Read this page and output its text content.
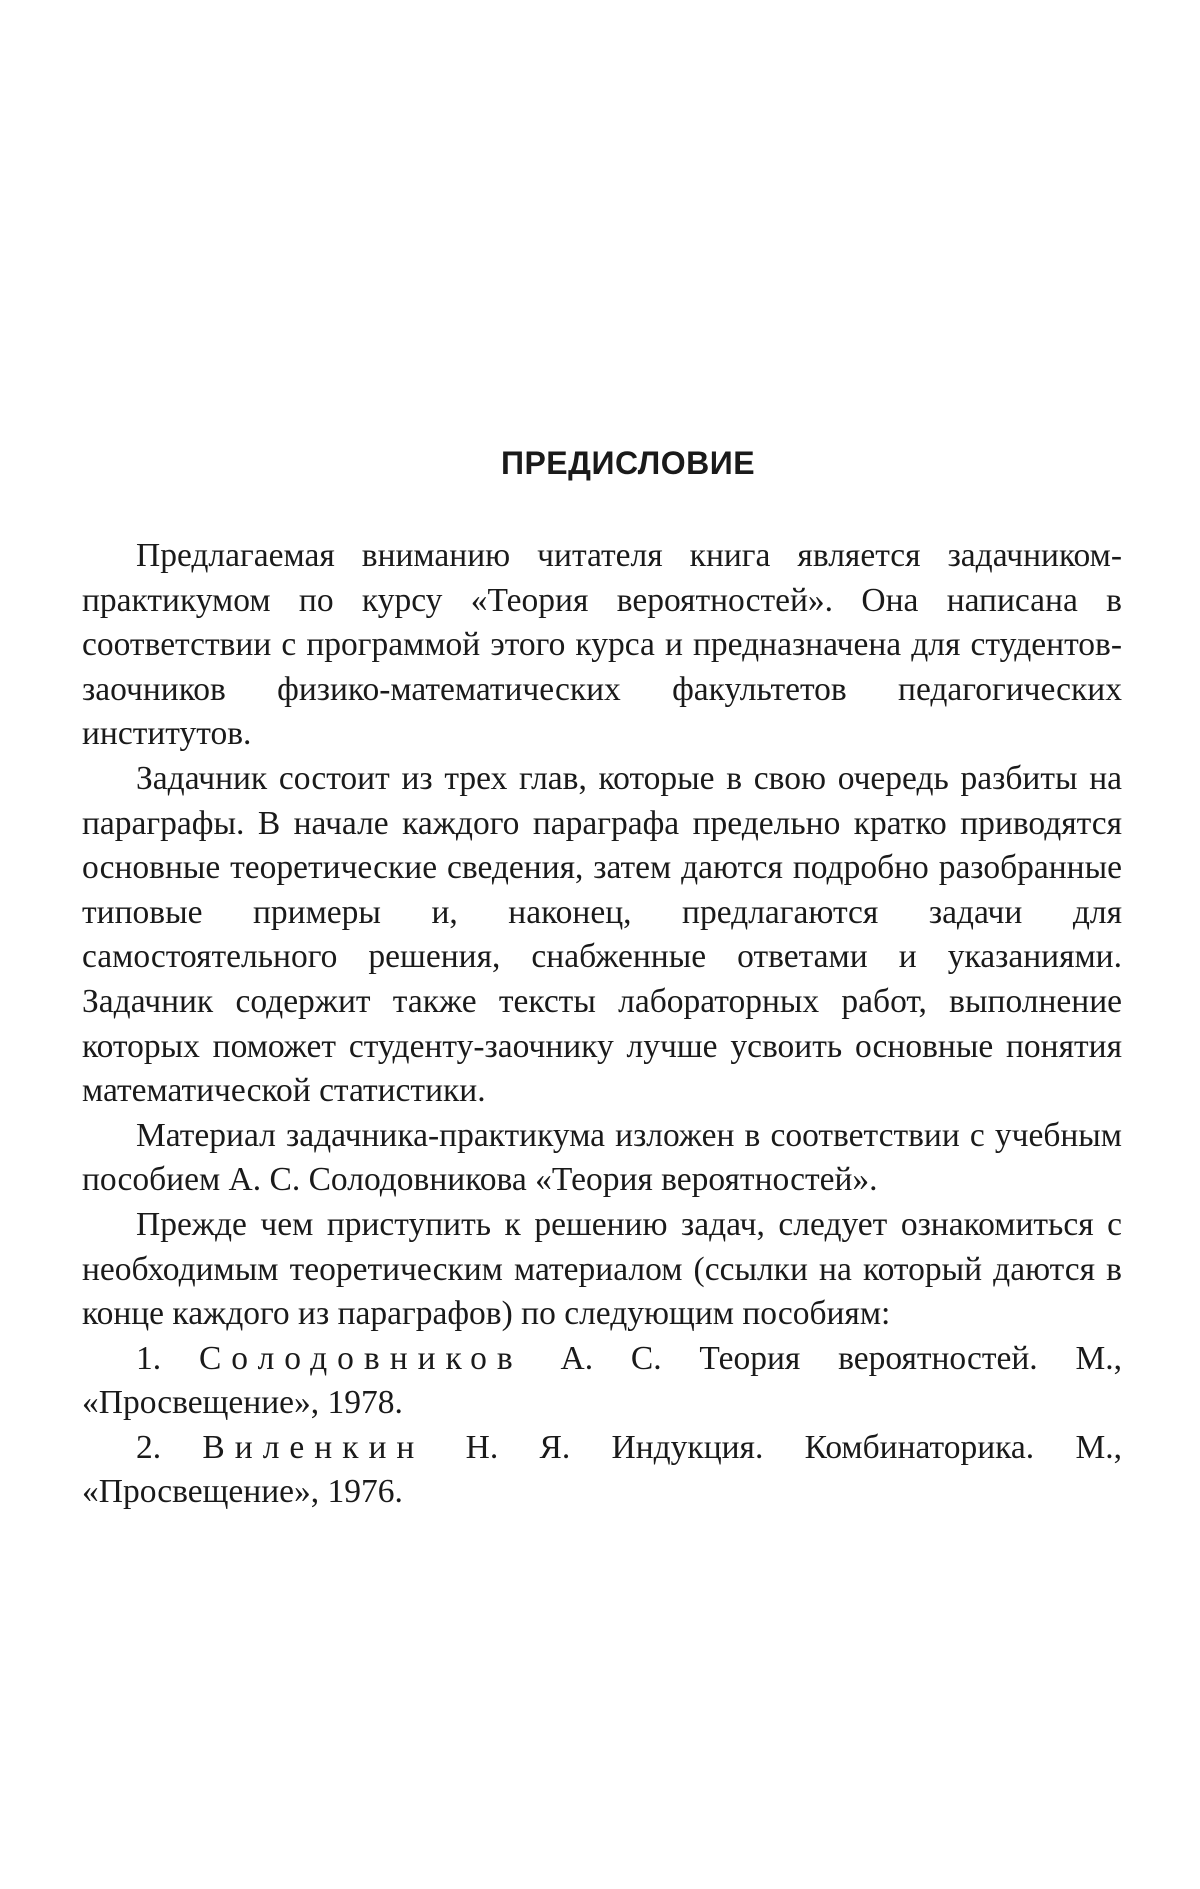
ПРЕДИСЛОВИЕ

Предлагаемая вниманию читателя книга является задачником-практикумом по курсу «Теория вероятностей». Она написана в соответствии с программой этого курса и предназначена для студентов-заочников физико-математических факультетов педагогических институтов.

Задачник состоит из трех глав, которые в свою очередь разбиты на параграфы. В начале каждого параграфа предельно кратко приводятся основные теоретические сведения, затем даются подробно разобранные типовые примеры и, наконец, предлагаются задачи для самостоятельного решения, снабженные ответами и указаниями. Задачник содержит также тексты лабораторных работ, выполнение которых поможет студенту-заочнику лучше усвоить основные понятия математической статистики.

Материал задачника-практикума изложен в соответствии с учебным пособием А. С. Солодовникова «Теория вероятностей».

Прежде чем приступить к решению задач, следует ознакомиться с необходимым теоретическим материалом (ссылки на который даются в конце каждого из параграфов) по следующим пособиям:

1. Солодовников А. С. Теория вероятностей. М., «Просвещение», 1978.

2. Виленкин Н. Я. Индукция. Комбинаторика. М., «Просвещение», 1976.
